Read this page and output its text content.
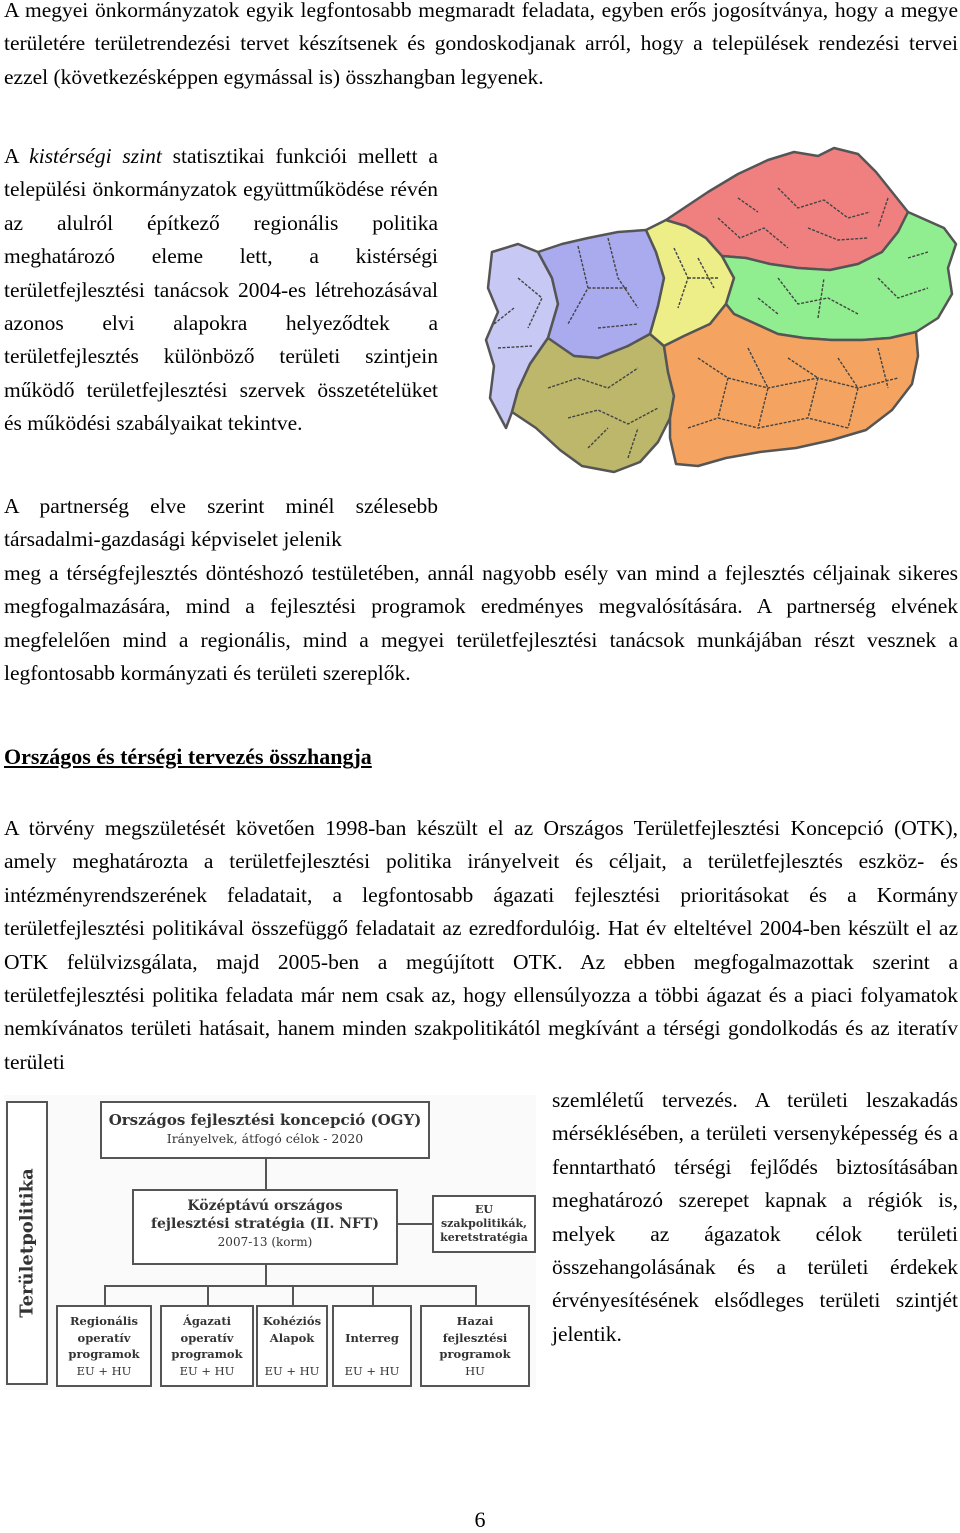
A megyei önkormányzatok egyik legfontosabb megmaradt feladata, egyben erős jogosítványa, hogy a megye területére területrendezési tervet készítsenek és gondoskodjanak arról, hogy a települések rendezési tervei ezzel (következésképpen egymással is) összhangban legyenek.

A kistérségi szint statisztikai funkciói mellett a települési önkormányzatok együttműködése révén az alulról építkező regionális politika meghatározó eleme lett, a kistérségi területfejlesztési tanácsok 2004-es létrehozásával azonos elvi alapokra helyeződtek a területfejlesztés különböző területi szintjein működő területfejlesztési szervek összetételüket és működési szabályaikat tekintve.

A partnerség elve szerint minél szélesebb társadalmi-gazdasági képviselet jelenik

meg a térségfejlesztés döntéshozó testületében, annál nagyobb esély van mind a fejlesztés céljainak sikeres megfogalmazására, mind a fejlesztési programok eredményes megvalósítására. A partnerség elvének megfelelően mind a regionális, mind a megyei területfejlesztési tanácsok munkájában részt vesznek a legfontosabb kormányzati és területi szereplők.

Országos és térségi tervezés összhangja

A törvény megszületését követően 1998-ban készült el az Országos Területfejlesztési Koncepció (OTK), amely meghatározta a területfejlesztési politika irányelveit és céljait, a területfejlesztés eszköz- és intézményrendszerének feladatait, a legfontosabb ágazati fejlesztési prioritásokat és a Kormány területfejlesztési politikával összefüggő feladatait az ezredfordulóig. Hat év elteltével 2004-ben készült el az OTK felülvizsgálata, majd 2005-ben a megújított OTK. Az ebben megfogalmazottak szerint a területfejlesztési politika feladata már nem csak az, hogy ellensúlyozza a többi ágazat és a piaci folyamatok nemkívánatos területi hatásait, hanem minden szakpolitikától megkívánt a térségi gondolkodás és az iteratív területi

Területpolitika
Országos fejlesztési koncepció (OGY)
Irányelvek, átfogó célok - 2020
Középtávú országos
fejlesztési stratégia (II. NFT)
2007-13 (korm)
EU
szakpolitikák,
keretstratégia
Regionális
operatív
programok
EU + HU
Ágazati
operatív
programok
EU + HU
Kohéziós
Alapok

EU + HU

Interreg

EU + HU
Hazai
fejlesztési
programok
HU

szemléletű tervezés. A területi leszakadás mérséklésében, a területi versenyképesség és a fenntartható térségi fejlődés biztosításában meghatározó szerepet kapnak a régiók is, melyek az ágazatok célok területi összehangolásának és a területi érdekek érvényesítésének elsődleges területi szintjét jelentik.

6
